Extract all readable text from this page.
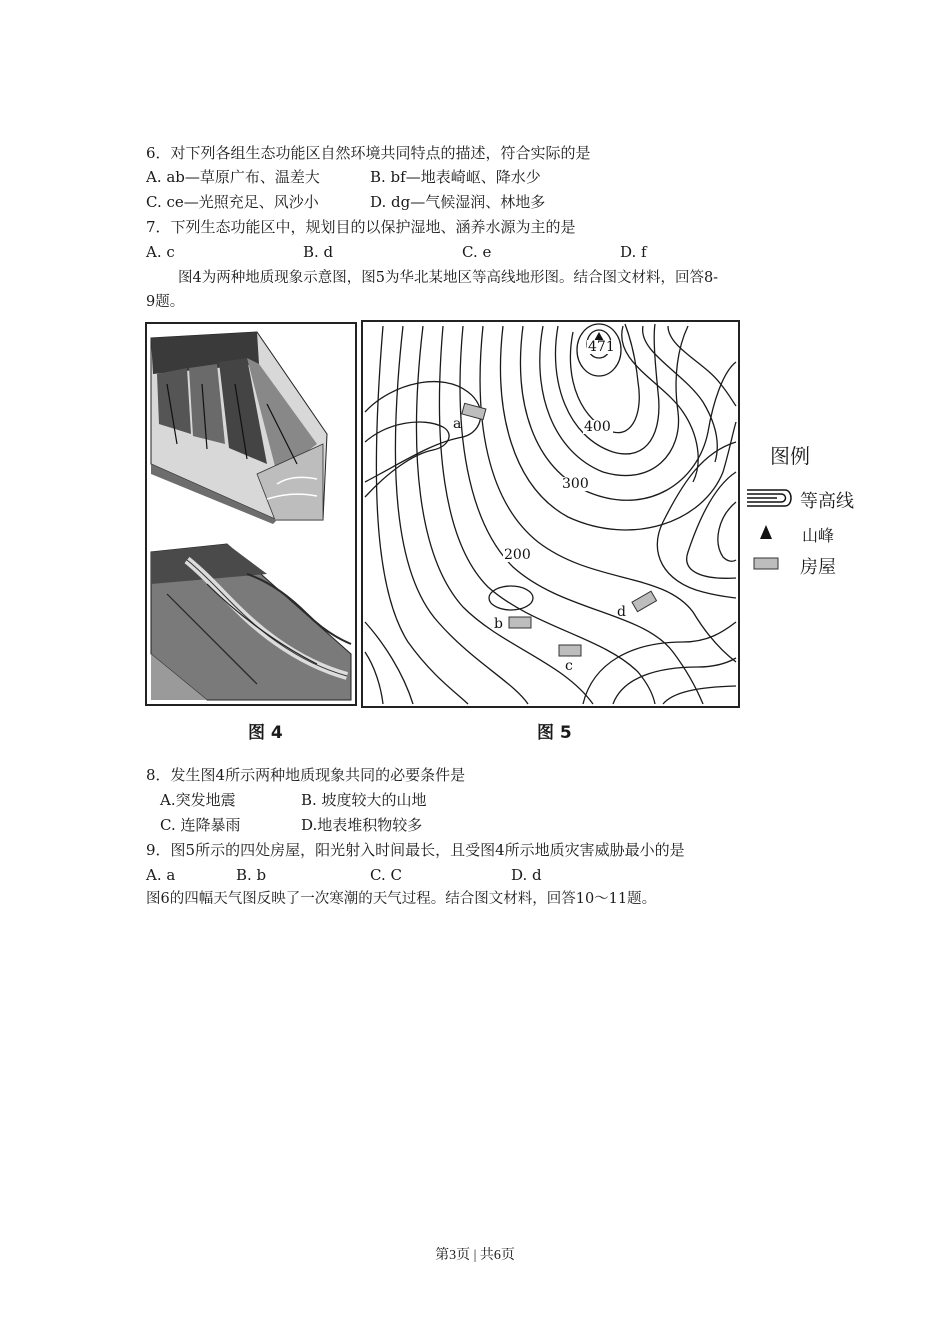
6．对下列各组生态功能区自然环境共同特点的描述，符合实际的是
A. ab—草原广布、温差大	B. bf—地表崎岖、降水少
C. ce—光照充足、风沙小	D. dg—气候湿润、林地多
7．下列生态功能区中，规划目的以保护湿地、涵养水源为主的是
A. c	B. d	C. e	D. f
图4为两种地质现象示意图，图5为华北某地区等高线地形图。结合图文材料，回答8-
9题。
471
400
300
200
a
b
c
d
图例
等高线
山峰
房屋
图 4	图 5
8．发生图4所示两种地质现象共同的必要条件是
A.突发地震	B. 坡度较大的山地
C. 连降暴雨	D.地表堆积物较多
9．图5所示的四处房屋，阳光射入时间最长，且受图4所示地质灾害威胁最小的是
A. a	B. b	C. C	D. d
图6的四幅天气图反映了一次寒潮的天气过程。结合图文材料，回答10～11题。
第3页 | 共6页
